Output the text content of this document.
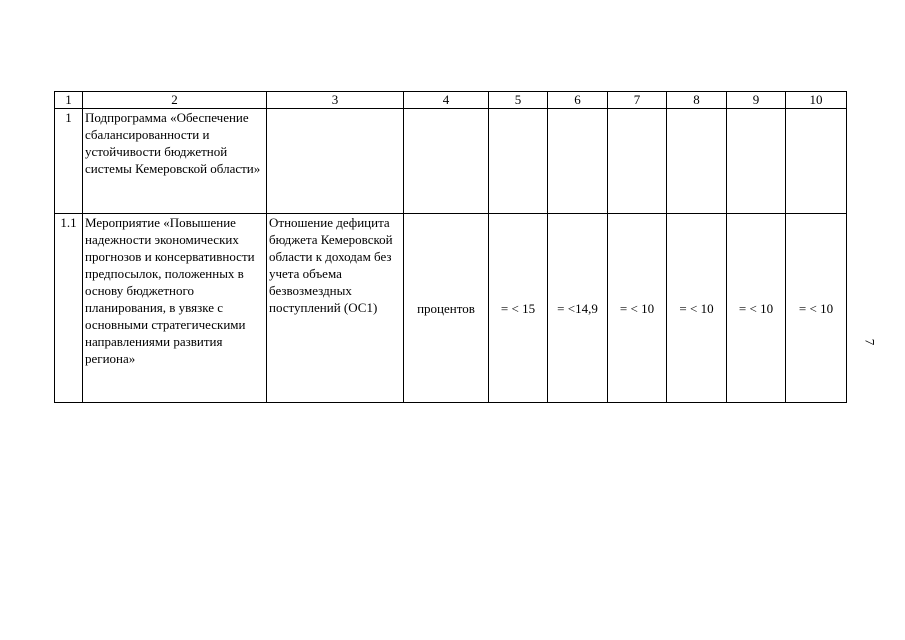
1	2	3	4	5	6	7	8	9	10
1	Подпрограмма «Обеспечение сбалансированности и устойчивости бюджетной системы Кемеровской области»								
1.1	Мероприятие «Повышение надежности экономических прогнозов и консервативности предпосылок, положенных в основу бюджетного планирования, в увязке с основными стратегическими направлениями развития региона»	Отношение дефицита бюджета Кемеровской области к доходам без учета объема безвозмездных поступлений (ОС1)	процентов	= < 15	= <14,9	= < 10	= < 10	= < 10	= < 10
7
